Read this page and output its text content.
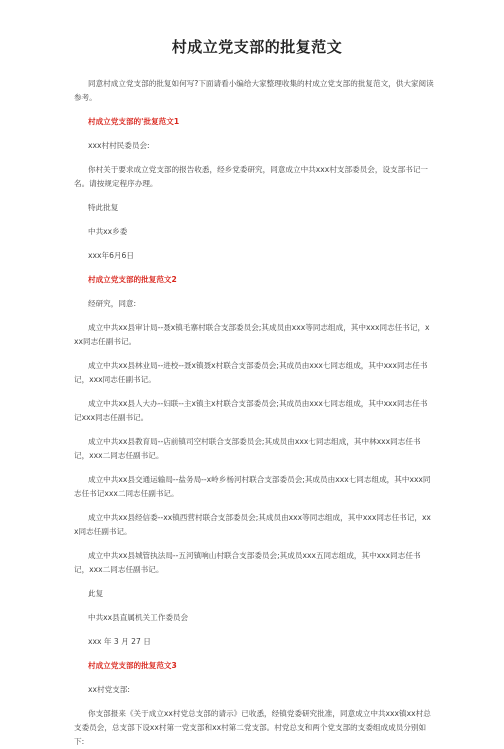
村成立党支部的批复范文

同意村成立党支部的批复如何写?下面请看小编给大家整理收集的村成立党支部的批复范文，供大家阅读参考。

村成立党支部的'批复范文1

xxx村村民委员会:

你村关于要求成立党支部的报告收悉，经乡党委研究，同意成立中共xxx村支部委员会，设支部书记一名。请按规定程序办理。

特此批复

中共xx乡委

xxx年6月6日

村成立党支部的批复范文2

经研究，同意:

成立中共xx县审计局--聂x镇毛寨村联合支部委员会;其成员由xxx等同志组成，其中xxx同志任书记，xxx同志任副书记。

成立中共xx县林业局--进校--聂x镇聂x村联合支部委员会;其成员由xxx七同志组成，其中xxx同志任书记，xxx同志任副书记。

成立中共xx县人大办--妇联--主x镇主x村联合支部委员会;其成员由xxx七同志组成，其中xxx同志任书记xxx同志任副书记。

成立中共xx县教育局--店前镇司空村联合支部委员会;其成员由xxx七同志组成，其中林xxx同志任书记，xxx二同志任副书记。

成立中共xx县交通运输局--盐务局--x岭乡杨河村联合支部委员会;其成员由xxx七同志组成，其中xxx同志任书记xxx二同志任副书记。

成立中共xx县经信委--xx镇西营村联合支部委员会;其成员由xxx等同志组成，其中xxx同志任书记，xxx同志任副书记。

成立中共xx县城管执法局--五河镇响山村联合支部委员会;其成员xxx五同志组成，其中xxx同志任书记，xxx二同志任副书记。

此复

中共xx县直属机关工作委员会

xxx 年 3 月 27 日

村成立党支部的批复范文3

xx村党支部:

你支部报来《关于成立xx村党总支部的请示》已收悉，经镇党委研究批准，同意成立中共xxx镇xx村总支委员会，总支部下设xx村第一党支部和xx村第二党支部。村党总支和两个党支部的支委组成成员分别如下:
